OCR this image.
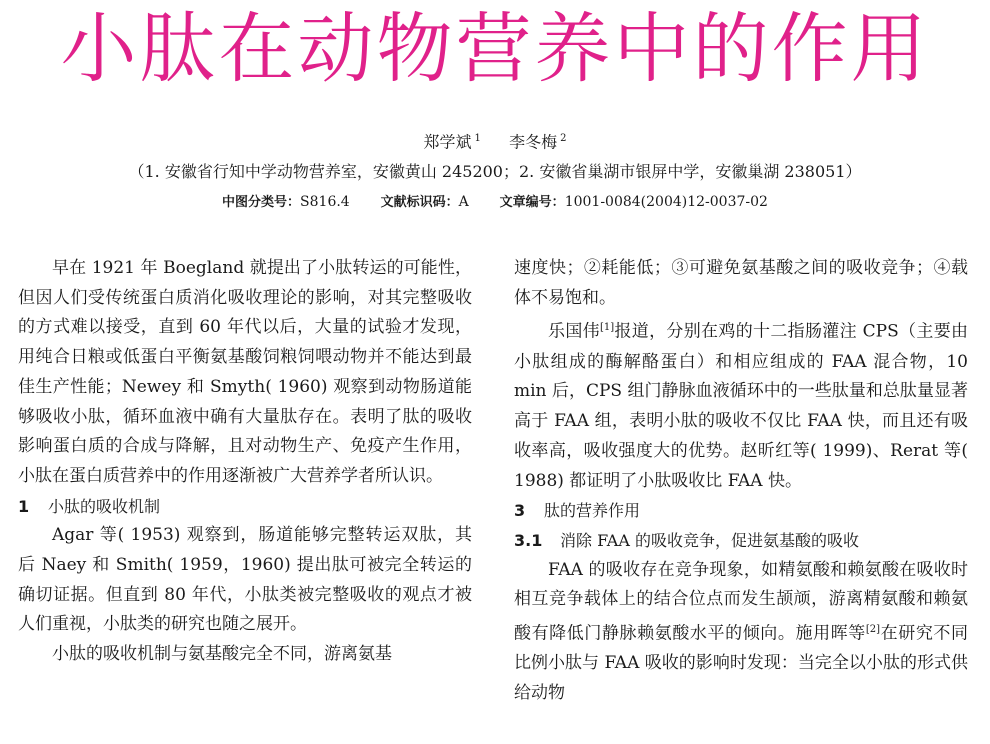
小肽在动物营养中的作用
郑学斌 $^1$ 李冬梅 $^2$
（1. 安徽省行知中学动物营养室，安徽黄山 245200；2. 安徽省巢湖市银屏中学，安徽巢湖 238051）
中图分类号：S816.4 文献标识码：A 文章编号：1001-0084(2004)12-0037-02

早在 1921 年 Boegland 就提出了小肽转运的可能性，但因人们受传统蛋白质消化吸收理论的影响，对其完整吸收的方式难以接受，直到 60 年代以后，大量的试验才发现，用纯合日粮或低蛋白平衡氨基酸饲粮饲喂动物并不能达到最佳生产性能；Newey 和 Smyth( 1960) 观察到动物肠道能够吸收小肽，循环血液中确有大量肽存在。表明了肽的吸收影响蛋白质的合成与降解，且对动物生产、免疫产生作用，小肽在蛋白质营养中的作用逐渐被广大营养学者所认识。

1 小肽的吸收机制

Agar 等( 1953) 观察到，肠道能够完整转运双肽，其后 Naey 和 Smith( 1959，1960) 提出肽可被完全转运的确切证据。但直到 80 年代，小肽类被完整吸收的观点才被人们重视，小肽类的研究也随之展开。

小肽的吸收机制与氨基酸完全不同，游离氨基

速度快；②耗能低；③可避免氨基酸之间的吸收竞争；④载体不易饱和。

乐国伟[1]报道，分别在鸡的十二指肠灌注 CPS（主要由小肽组成的酶解酪蛋白）和相应组成的 FAA 混合物，10 min 后，CPS 组门静脉血液循环中的一些肽量和总肽量显著高于 FAA 组，表明小肽的吸收不仅比 FAA 快，而且还有吸收率高，吸收强度大的优势。赵昕红等( 1999)、Rerat 等( 1988) 都证明了小肽吸收比 FAA 快。

3 肽的营养作用

3.1 消除 FAA 的吸收竞争，促进氨基酸的吸收

FAA 的吸收存在竞争现象，如精氨酸和赖氨酸在吸收时相互竞争载体上的结合位点而发生颉颃，游离精氨酸和赖氨酸有降低门静脉赖氨酸水平的倾向。施用晖等[2]在研究不同比例小肽与 FAA 吸收的影响时发现：当完全以小肽的形式供给动物
